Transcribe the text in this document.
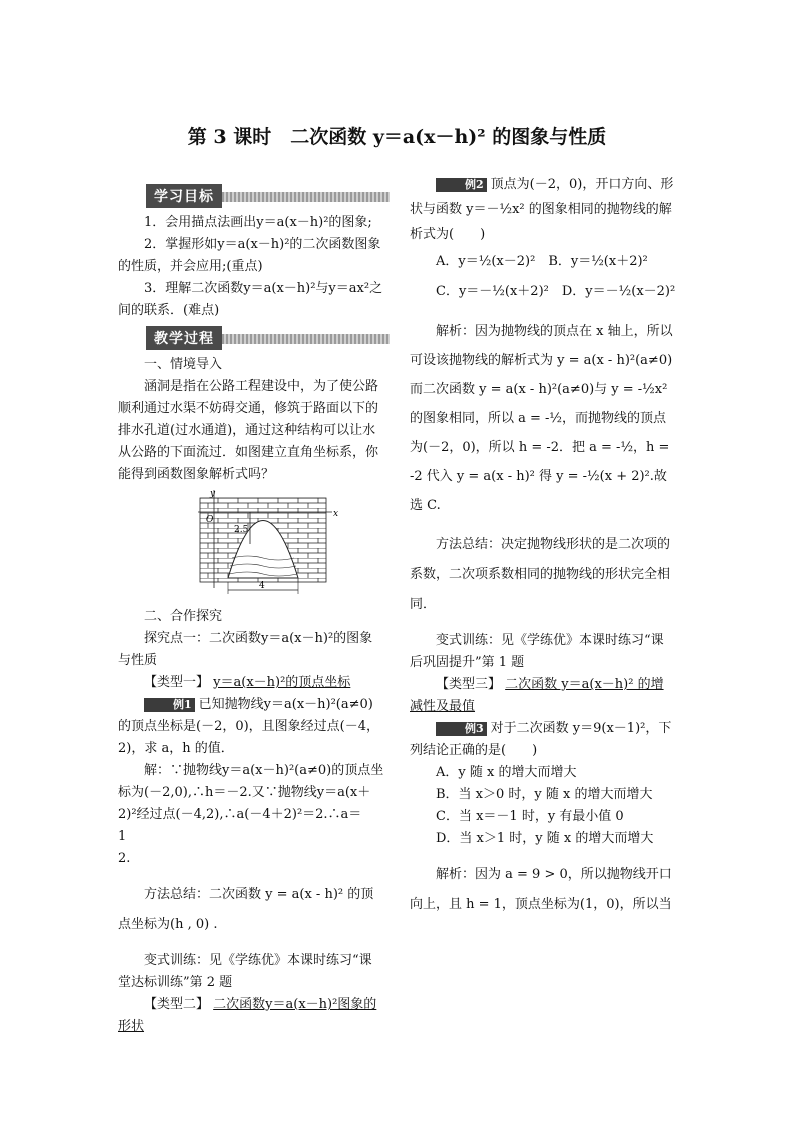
第 3 课时　二次函数 y＝a(x－h)² 的图象与性质
学习目标

1．会用描点法画出y＝a(x－h)²的图象;

2．掌握形如y＝a(x－h)²的二次函数图象的性质，并会应用;(重点)

3．理解二次函数y＝a(x－h)²与y＝ax²之间的联系．(难点)

教学过程

一、情境导入

涵洞是指在公路工程建设中，为了使公路顺利通过水渠不妨碍交通，修筑于路面以下的排水孔道(过水通道)，通过这种结构可以让水从公路的下面流过．如图建立直角坐标系，你能得到函数图象解析式吗？

y
x
O
2.5
4

二、合作探究

探究点一：二次函数y＝a(x－h)²的图象与性质

【类型一】 y＝a(x－h)²的顶点坐标

例1 已知抛物线y＝a(x－h)²(a≠0)的顶点坐标是(－2，0)，且图象经过点(－4，2)，求 a，h 的值．

解：∵抛物线y＝a(x－h)²(a≠0)的顶点坐标为(－2,0),∴h＝－2.又∵抛物线y＝a(x＋2)²经过点(－4,2),∴a(－4＋2)²＝2.∴a＝
1
2.

方法总结：二次函数 y = a(x - h)² 的顶点坐标为(h , 0) .

变式训练：见《学练优》本课时练习“课堂达标训练”第 2 题

【类型二】 二次函数y＝a(x－h)²图象的形状

例2 顶点为(－2，0)，开口方向、形状与函数 y＝－½x² 的图象相同的抛物线的解析式为(　　)

A．y＝½(x－2)²　 B．y＝½(x＋2)²

C．y＝－½(x＋2)²　 D．y＝－½(x－2)²

解析：因为抛物线的顶点在 x 轴上，所以可设该抛物线的解析式为 y = a(x - h)²(a≠0) 而二次函数 y = a(x - h)²(a≠0)与 y = -½x² 的图象相同，所以 a = -½，而抛物线的顶点为(－2，0)，所以 h = -2．把 a = -½，h = -2 代入 y = a(x - h)² 得 y = -½(x + 2)².故选 C.

方法总结：决定抛物线形状的是二次项的系数，二次项系数相同的抛物线的形状完全相同．

变式训练：见《学练优》本课时练习“课后巩固提升”第 1 题

【类型三】 二次函数 y＝a(x－h)² 的增减性及最值

例3 对于二次函数 y＝9(x－1)²，下列结论正确的是(　　)

A．y 随 x 的增大而增大

B．当 x＞0 时，y 随 x 的增大而增大

C．当 x＝－1 时，y 有最小值 0

D．当 x＞1 时，y 随 x 的增大而增大

解析：因为 a = 9 > 0，所以抛物线开口向上，且 h = 1，顶点坐标为(1，0)，所以当
